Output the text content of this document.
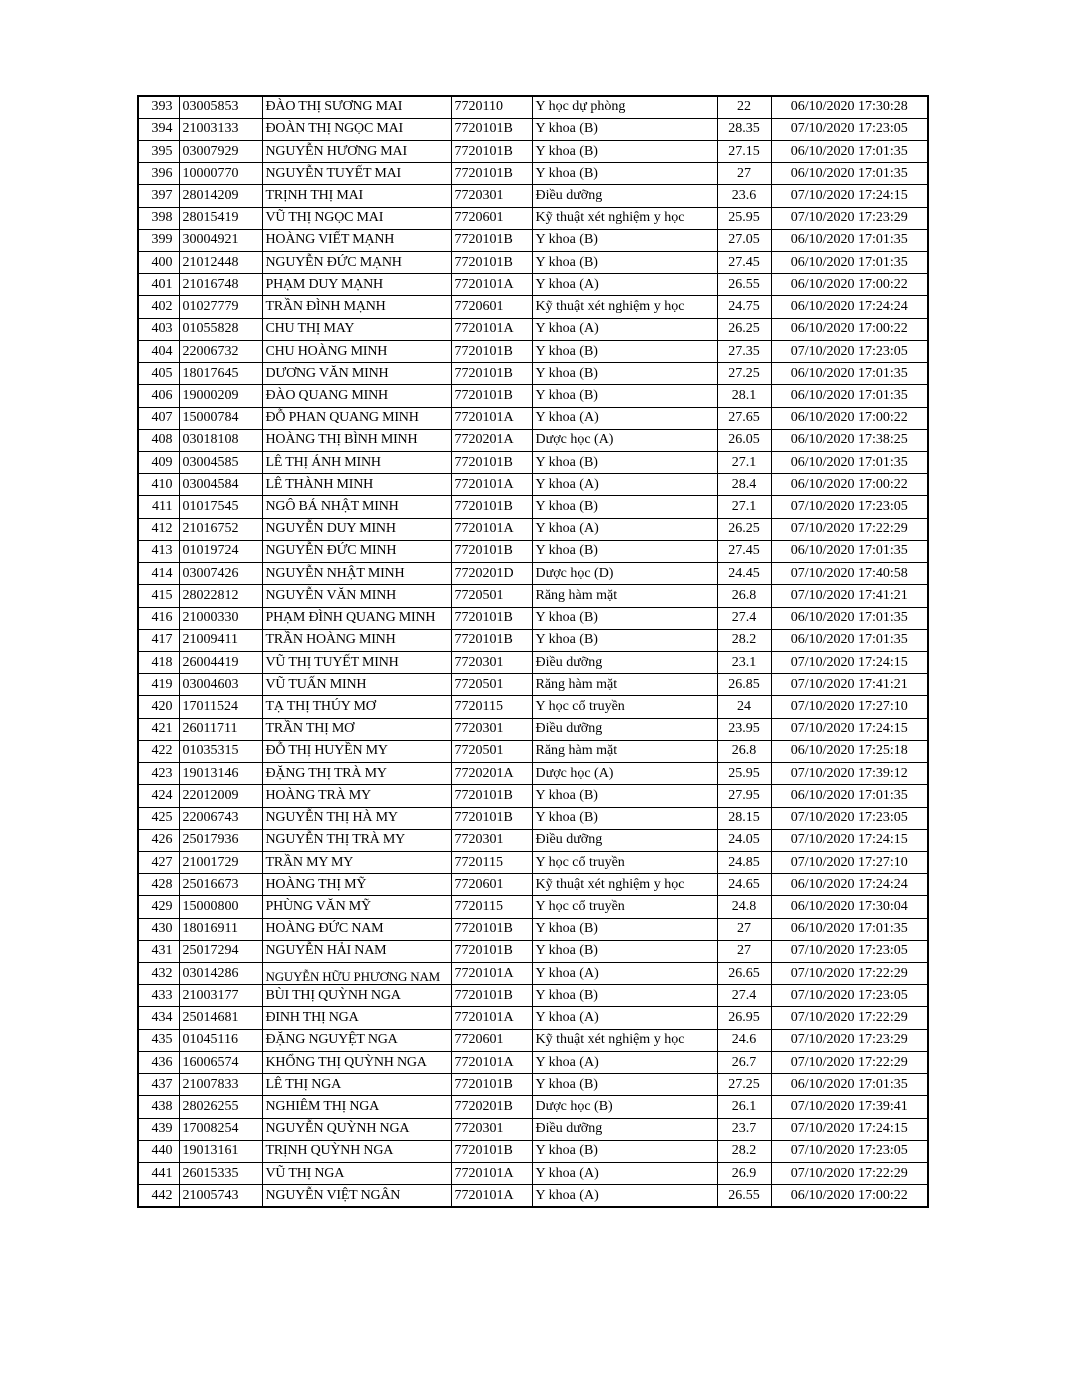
393	03005853	ĐÀO THỊ SƯƠNG MAI	7720110	Y học dự phòng	22	06/10/2020 17:30:28
394	21003133	ĐOÀN THỊ NGỌC MAI	7720101B	Y khoa (B)	28.35	07/10/2020 17:23:05
395	03007929	NGUYỄN HƯƠNG MAI	7720101B	Y khoa (B)	27.15	06/10/2020 17:01:35
396	10000770	NGUYỄN TUYẾT MAI	7720101B	Y khoa (B)	27	06/10/2020 17:01:35
397	28014209	TRỊNH THỊ MAI	7720301	Điều dưỡng	23.6	07/10/2020 17:24:15
398	28015419	VŨ THỊ NGỌC MAI	7720601	Kỹ thuật xét nghiệm y học	25.95	07/10/2020 17:23:29
399	30004921	HOÀNG VIẾT MẠNH	7720101B	Y khoa (B)	27.05	06/10/2020 17:01:35
400	21012448	NGUYỄN ĐỨC MẠNH	7720101B	Y khoa (B)	27.45	06/10/2020 17:01:35
401	21016748	PHẠM DUY MẠNH	7720101A	Y khoa (A)	26.55	06/10/2020 17:00:22
402	01027779	TRẦN ĐÌNH MẠNH	7720601	Kỹ thuật xét nghiệm y học	24.75	06/10/2020 17:24:24
403	01055828	CHU THỊ MAY	7720101A	Y khoa (A)	26.25	06/10/2020 17:00:22
404	22006732	CHU HOÀNG MINH	7720101B	Y khoa (B)	27.35	07/10/2020 17:23:05
405	18017645	DƯƠNG VĂN MINH	7720101B	Y khoa (B)	27.25	06/10/2020 17:01:35
406	19000209	ĐÀO QUANG MINH	7720101B	Y khoa (B)	28.1	06/10/2020 17:01:35
407	15000784	ĐỖ PHAN QUANG MINH	7720101A	Y khoa (A)	27.65	06/10/2020 17:00:22
408	03018108	HOÀNG THỊ BÌNH MINH	7720201A	Dược học (A)	26.05	06/10/2020 17:38:25
409	03004585	LÊ THỊ ÁNH MINH	7720101B	Y khoa (B)	27.1	06/10/2020 17:01:35
410	03004584	LÊ THÀNH MINH	7720101A	Y khoa (A)	28.4	06/10/2020 17:00:22
411	01017545	NGÔ BÁ NHẬT MINH	7720101B	Y khoa (B)	27.1	07/10/2020 17:23:05
412	21016752	NGUYỄN DUY MINH	7720101A	Y khoa (A)	26.25	07/10/2020 17:22:29
413	01019724	NGUYỄN ĐỨC MINH	7720101B	Y khoa (B)	27.45	06/10/2020 17:01:35
414	03007426	NGUYỄN NHẬT MINH	7720201D	Dược học (D)	24.45	07/10/2020 17:40:58
415	28022812	NGUYỄN VĂN MINH	7720501	Răng hàm mặt	26.8	07/10/2020 17:41:21
416	21000330	PHẠM ĐÌNH QUANG MINH	7720101B	Y khoa (B)	27.4	06/10/2020 17:01:35
417	21009411	TRẦN HOÀNG MINH	7720101B	Y khoa (B)	28.2	06/10/2020 17:01:35
418	26004419	VŨ THỊ TUYẾT MINH	7720301	Điều dưỡng	23.1	07/10/2020 17:24:15
419	03004603	VŨ TUẤN MINH	7720501	Răng hàm mặt	26.85	07/10/2020 17:41:21
420	17011524	TẠ THỊ THÚY MƠ	7720115	Y học cổ truyền	24	07/10/2020 17:27:10
421	26011711	TRẦN THỊ MƠ	7720301	Điều dưỡng	23.95	07/10/2020 17:24:15
422	01035315	ĐỖ THỊ HUYỀN MY	7720501	Răng hàm mặt	26.8	06/10/2020 17:25:18
423	19013146	ĐẶNG THỊ TRÀ MY	7720201A	Dược học (A)	25.95	07/10/2020 17:39:12
424	22012009	HOÀNG TRÀ MY	7720101B	Y khoa (B)	27.95	06/10/2020 17:01:35
425	22006743	NGUYỄN THỊ HÀ MY	7720101B	Y khoa (B)	28.15	07/10/2020 17:23:05
426	25017936	NGUYỄN THỊ TRÀ MY	7720301	Điều dưỡng	24.05	07/10/2020 17:24:15
427	21001729	TRẦN MY MY	7720115	Y học cổ truyền	24.85	07/10/2020 17:27:10
428	25016673	HOÀNG THỊ MỸ	7720601	Kỹ thuật xét nghiệm y học	24.65	06/10/2020 17:24:24
429	15000800	PHÙNG VĂN MỸ	7720115	Y học cổ truyền	24.8	06/10/2020 17:30:04
430	18016911	HOÀNG ĐỨC NAM	7720101B	Y khoa (B)	27	06/10/2020 17:01:35
431	25017294	NGUYỄN HẢI NAM	7720101B	Y khoa (B)	27	07/10/2020 17:23:05
432	03014286	NGUYỄN HỮU PHƯƠNG NAM	7720101A	Y khoa (A)	26.65	07/10/2020 17:22:29
433	21003177	BÙI THỊ QUỲNH NGA	7720101B	Y khoa (B)	27.4	07/10/2020 17:23:05
434	25014681	ĐINH THỊ NGA	7720101A	Y khoa (A)	26.95	07/10/2020 17:22:29
435	01045116	ĐẶNG NGUYỆT NGA	7720601	Kỹ thuật xét nghiệm y học	24.6	07/10/2020 17:23:29
436	16006574	KHỔNG THỊ QUỲNH NGA	7720101A	Y khoa (A)	26.7	07/10/2020 17:22:29
437	21007833	LÊ THỊ NGA	7720101B	Y khoa (B)	27.25	06/10/2020 17:01:35
438	28026255	NGHIÊM THỊ NGA	7720201B	Dược học (B)	26.1	07/10/2020 17:39:41
439	17008254	NGUYỄN QUỲNH NGA	7720301	Điều dưỡng	23.7	07/10/2020 17:24:15
440	19013161	TRỊNH QUỲNH NGA	7720101B	Y khoa (B)	28.2	07/10/2020 17:23:05
441	26015335	VŨ THỊ NGA	7720101A	Y khoa (A)	26.9	07/10/2020 17:22:29
442	21005743	NGUYỄN VIỆT NGÂN	7720101A	Y khoa (A)	26.55	06/10/2020 17:00:22
